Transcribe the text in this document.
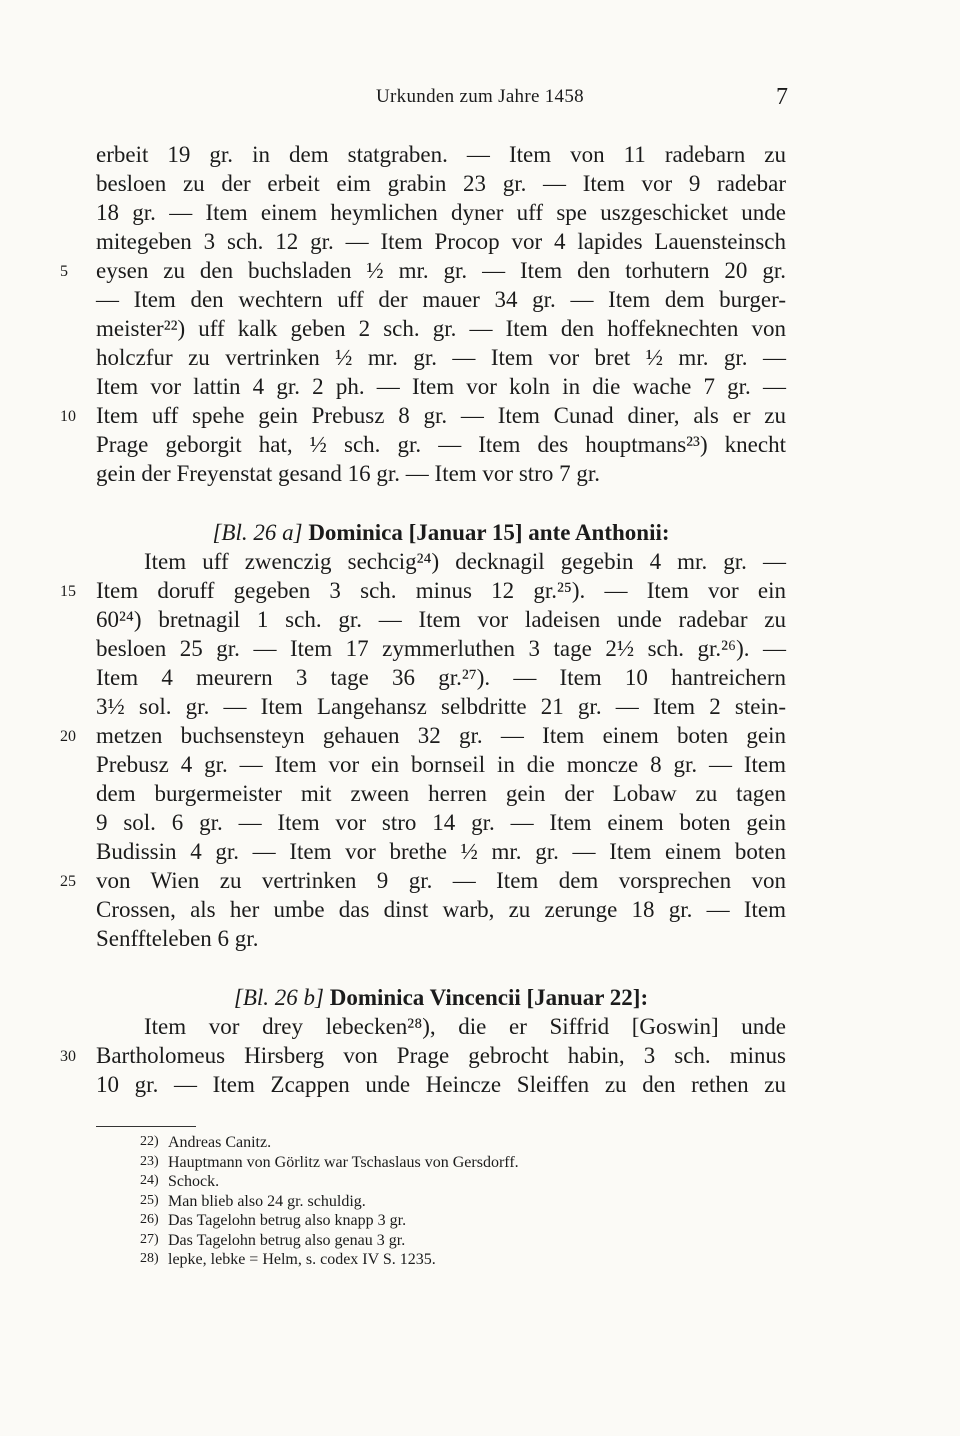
Urkunden zum Jahre 1458	7
erbeit 19 gr. in dem statgraben. — Item von 11 radebarn zu
besloen zu der erbeit eim grabin 23 gr. — Item vor 9 radebar
18 gr. — Item einem heymlichen dyner uff spe uszgeschicket unde
mitegeben 3 sch. 12 gr. — Item Procop vor 4 lapides Lauensteinsch
5	eysen zu den buchsladen ½ mr. gr. — Item den torhutern 20 gr.
— Item den wechtern uff der mauer 34 gr. — Item dem burger-
meister²²) uff kalk geben 2 sch. gr. — Item den hoffeknechten von
holczfur zu vertrinken ½ mr. gr. — Item vor bret ½ mr. gr. —
Item vor lattin 4 gr. 2 ph. — Item vor koln in die wache 7 gr. —
10 Item uff spehe gein Prebusz 8 gr. — Item Cunad diner, als er zu
Prage geborgit hat, ½ sch. gr. — Item des houptmans²³) knecht
gein der Freyenstat gesand 16 gr. — Item vor stro 7 gr.
[Bl. 26 a] Dominica [Januar 15] ante Anthonii:
Item uff zwenczig sechcig²⁴) decknagil gegebin 4 mr. gr. —
15 Item doruff gegeben 3 sch. minus 12 gr.²⁵). — Item vor ein
60²⁴) bretnagil 1 sch. gr. — Item vor ladeisen unde radebar zu
besloen 25 gr. — Item 17 zymmerluthen 3 tage 2½ sch. gr.²⁶). —
Item 4 meurern 3 tage 36 gr.²⁷). — Item 10 hantreichern
3½ sol. gr. — Item Langehansz selbdritte 21 gr. — Item 2 stein-
20 metzen buchsensteyn gehauen 32 gr. — Item einem boten gein
Prebusz 4 gr. — Item vor ein bornseil in die moncze 8 gr. — Item
dem burgermeister mit zween herren gein der Lobaw zu tagen
9 sol. 6 gr. — Item vor stro 14 gr. — Item einem boten gein
Budissin 4 gr. — Item vor brethe ½ mr. gr. — Item einem boten
25 von Wien zu vertrinken 9 gr. — Item dem vorsprechen von
Crossen, als her umbe das dinst warb, zu zerunge 18 gr. — Item
Senffteleben 6 gr.
[Bl. 26 b] Dominica Vincencii [Januar 22]:
Item vor drey lebecken²⁸), die er Siffrid [Goswin] unde
30 Bartholomeus Hirsberg von Prage gebrocht habin, 3 sch. minus
10 gr. — Item Zcappen unde Heincze Sleiffen zu den rethen zu
22) Andreas Canitz.
23) Hauptmann von Görlitz war Tschaslaus von Gersdorff.
24) Schock.
25) Man blieb also 24 gr. schuldig.
26) Das Tagelohn betrug also knapp 3 gr.
27) Das Tagelohn betrug also genau 3 gr.
28) lepke, lebke = Helm, s. codex IV S. 1235.
